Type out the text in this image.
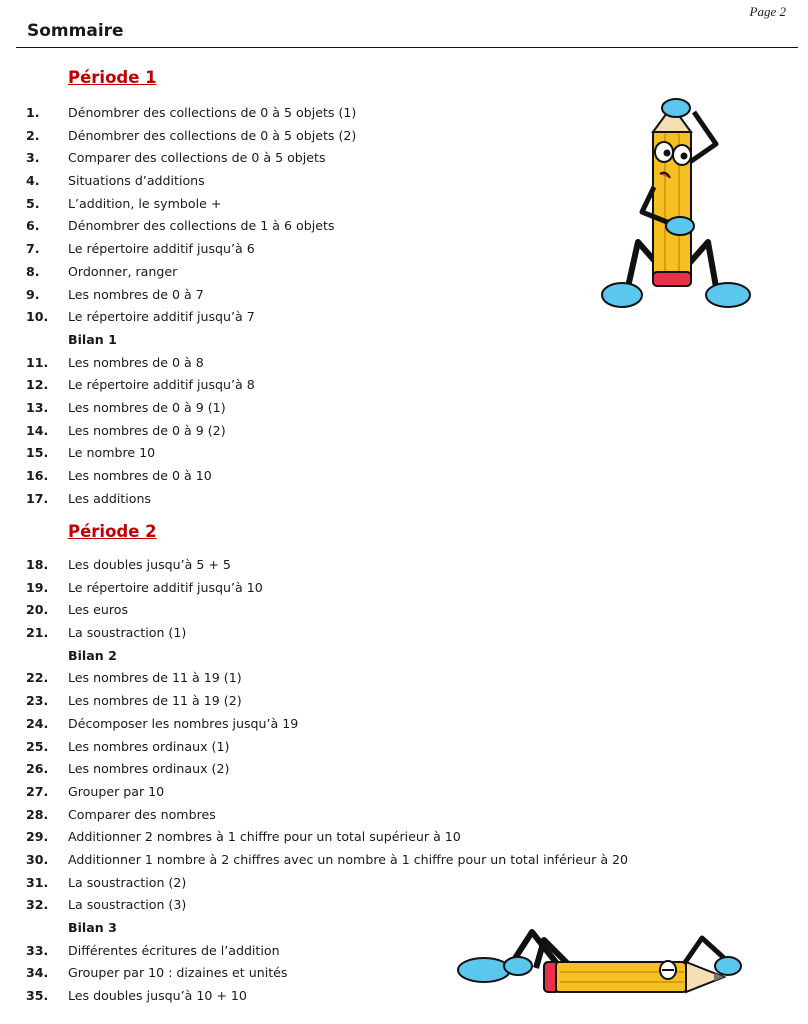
Page 2
Sommaire
Période 1
1. Dénombrer des collections de 0 à 5 objets (1)
2. Dénombrer des collections de 0 à 5 objets (2)
3. Comparer des collections de 0 à 5 objets
4. Situations d’additions
5. L’addition, le symbole +
6. Dénombrer des collections de 1 à 6 objets
7. Le répertoire additif jusqu’à 6
8. Ordonner, ranger
9. Les nombres de 0 à 7
10. Le répertoire additif jusqu’à 7
Bilan 1
11. Les nombres de 0 à 8
12. Le répertoire additif jusqu’à 8
13. Les nombres de 0 à 9 (1)
14. Les nombres de 0 à 9 (2)
15. Le nombre 10
16. Les nombres de 0 à 10
17. Les additions
Période 2
18. Les doubles jusqu’à 5 + 5
19. Le répertoire additif jusqu’à 10
20. Les euros
21. La soustraction (1)
Bilan 2
22. Les nombres de 11 à 19 (1)
23. Les nombres de 11 à 19 (2)
24. Décomposer les nombres jusqu’à 19
25. Les nombres ordinaux (1)
26. Les nombres ordinaux (2)
27. Grouper par 10
28. Comparer des nombres
29. Additionner 2 nombres à 1 chiffre pour un total supérieur à 10
30. Additionner 1 nombre à 2 chiffres avec un nombre à 1 chiffre pour un total inférieur à 20
31. La soustraction (2)
32. La soustraction (3)
Bilan 3
33. Différentes écritures de l’addition
34. Grouper par 10 : dizaines et unités
35. Les doubles jusqu’à 10 + 10
